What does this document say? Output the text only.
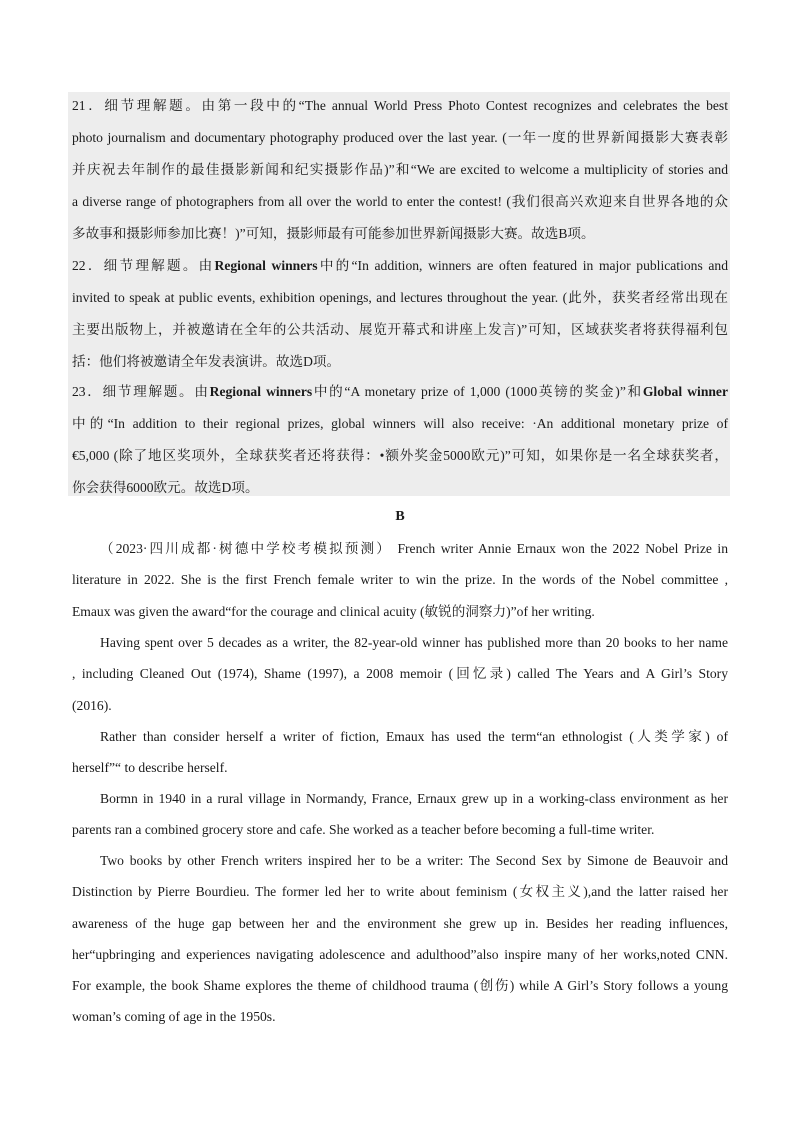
21．细节理解题。由第一段中的“The annual World Press Photo Contest recognizes and celebrates the best
photo journalism and documentary photography produced over the last year. (一年一度的世界新闻摄影大赛表彰
并庆祝去年制作的最佳摄影新闻和纪实摄影作品)”和“We are excited to welcome a multiplicity of stories and
a diverse range of photographers from all over the world to enter the contest! (我们很高兴欢迎来自世界各地的众
多故事和摄影师参加比赛！)”可知，摄影师最有可能参加世界新闻摄影大赛。故选B项。
22．细节理解题。由Regional winners中的“In addition, winners are often featured in major publications and
invited to speak at public events, exhibition openings, and lectures throughout the year. (此外，获奖者经常出现在
主要出版物上，并被邀请在全年的公共活动、展览开幕式和讲座上发言)”可知，区域获奖者将获得福利包
括：他们将被邀请全年发表演讲。故选D项。
23．细节理解题。由Regional winners中的“A monetary prize of 1,000 (1000英镑的奖金)”和Global winner
中的“In addition to their regional prizes, global winners will also receive: ·An additional monetary prize of
€5,000 (除了地区奖项外，全球获奖者还将获得：•额外奖金5000欧元)”可知，如果你是一名全球获奖者，
你会获得6000欧元。故选D项。
B
（2023·四川成都·树德中学校考模拟预测） French writer Annie Ernaux won the 2022 Nobel Prize in
literature in 2022. She is the first French female writer to win the prize. In the words of the Nobel committee ,
Emaux was given the award“for the courage and clinical acuity (敏锐的洞察力)”of her writing.
Having spent over 5 decades as a writer, the 82-year-old winner has published more than 20 books to her name
, including Cleaned Out (1974), Shame (1997), a 2008 memoir (回忆录) called The Years and A Girl’s Story
(2016).
Rather than consider herself a writer of fiction, Emaux has used the term“an ethnologist (人类学家) of
herself”“ to describe herself.
Bormn in 1940 in a rural village in Normandy, France, Ernaux grew up in a working-class environment as her
parents ran a combined grocery store and cafe. She worked as a teacher before becoming a full-time writer.
Two books by other French writers inspired her to be a writer: The Second Sex by Simone de Beauvoir and
Distinction by Pierre Bourdieu. The former led her to write about feminism (女权主义),and the latter raised her
awareness of the huge gap between her and the environment she grew up in. Besides her reading influences,
her“upbringing and experiences navigating adolescence and adulthood”also inspire many of her works,noted CNN.
For example, the book Shame explores the theme of childhood trauma (创伤) while A Girl’s Story follows a young
woman’s coming of age in the 1950s.
